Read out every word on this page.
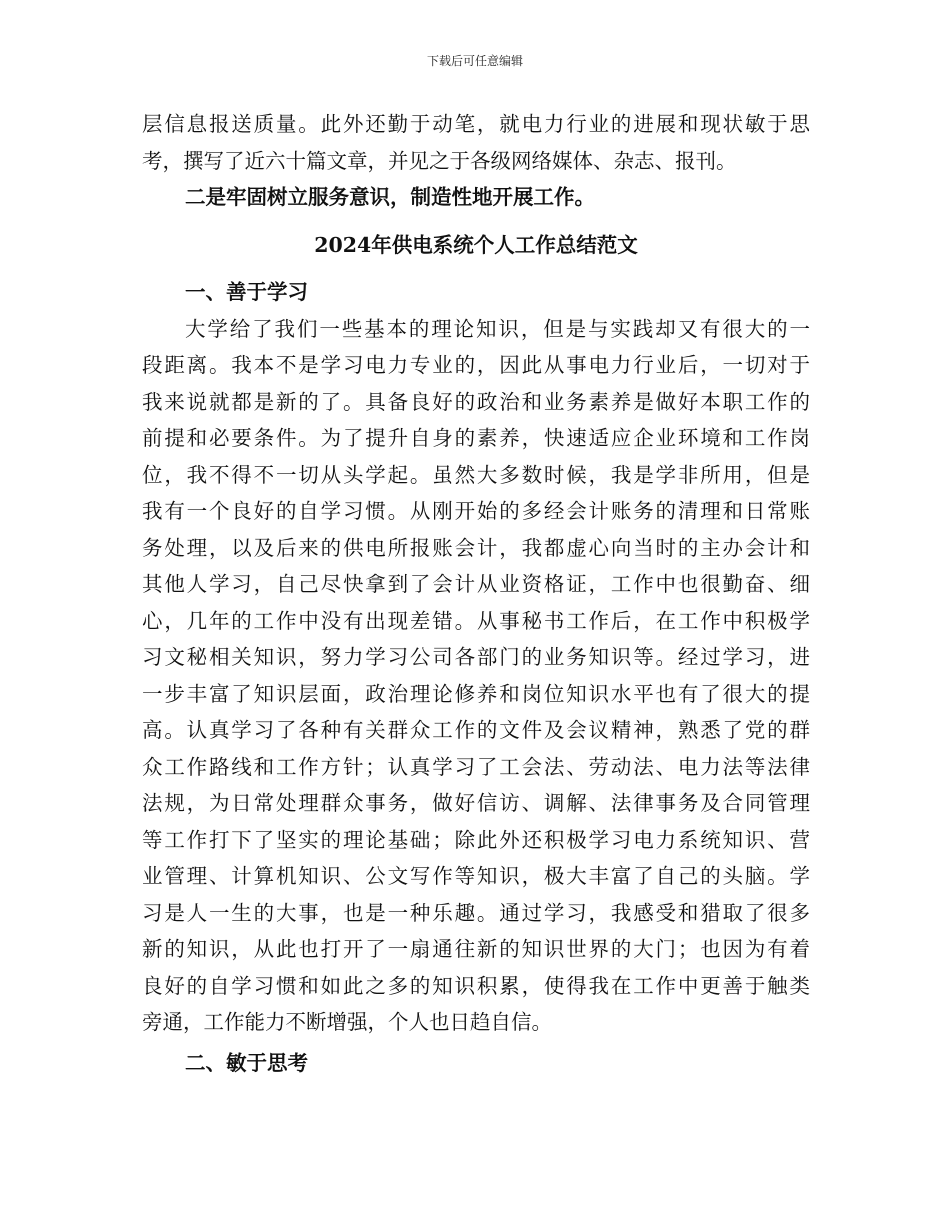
下载后可任意编辑
层信息报送质量。此外还勤于动笔，就电力行业的进展和现状敏于思
考，撰写了近六十篇文章，并见之于各级网络媒体、杂志、报刊。
二是牢固树立服务意识，制造性地开展工作。
2024年供电系统个人工作总结范文
一、善于学习
大学给了我们一些基本的理论知识，但是与实践却又有很大的一
段距离。我本不是学习电力专业的，因此从事电力行业后，一切对于
我来说就都是新的了。具备良好的政治和业务素养是做好本职工作的
前提和必要条件。为了提升自身的素养，快速适应企业环境和工作岗
位，我不得不一切从头学起。虽然大多数时候，我是学非所用，但是
我有一个良好的自学习惯。从刚开始的多经会计账务的清理和日常账
务处理，以及后来的供电所报账会计，我都虚心向当时的主办会计和
其他人学习，自己尽快拿到了会计从业资格证，工作中也很勤奋、细
心，几年的工作中没有出现差错。从事秘书工作后，在工作中积极学
习文秘相关知识，努力学习公司各部门的业务知识等。经过学习，进
一步丰富了知识层面，政治理论修养和岗位知识水平也有了很大的提
高。认真学习了各种有关群众工作的文件及会议精神，熟悉了党的群
众工作路线和工作方针；认真学习了工会法、劳动法、电力法等法律
法规，为日常处理群众事务，做好信访、调解、法律事务及合同管理
等工作打下了坚实的理论基础；除此外还积极学习电力系统知识、营
业管理、计算机知识、公文写作等知识，极大丰富了自己的头脑。学
习是人一生的大事，也是一种乐趣。通过学习，我感受和猎取了很多
新的知识，从此也打开了一扇通往新的知识世界的大门；也因为有着
良好的自学习惯和如此之多的知识积累，使得我在工作中更善于触类
旁通，工作能力不断增强，个人也日趋自信。
二、敏于思考
